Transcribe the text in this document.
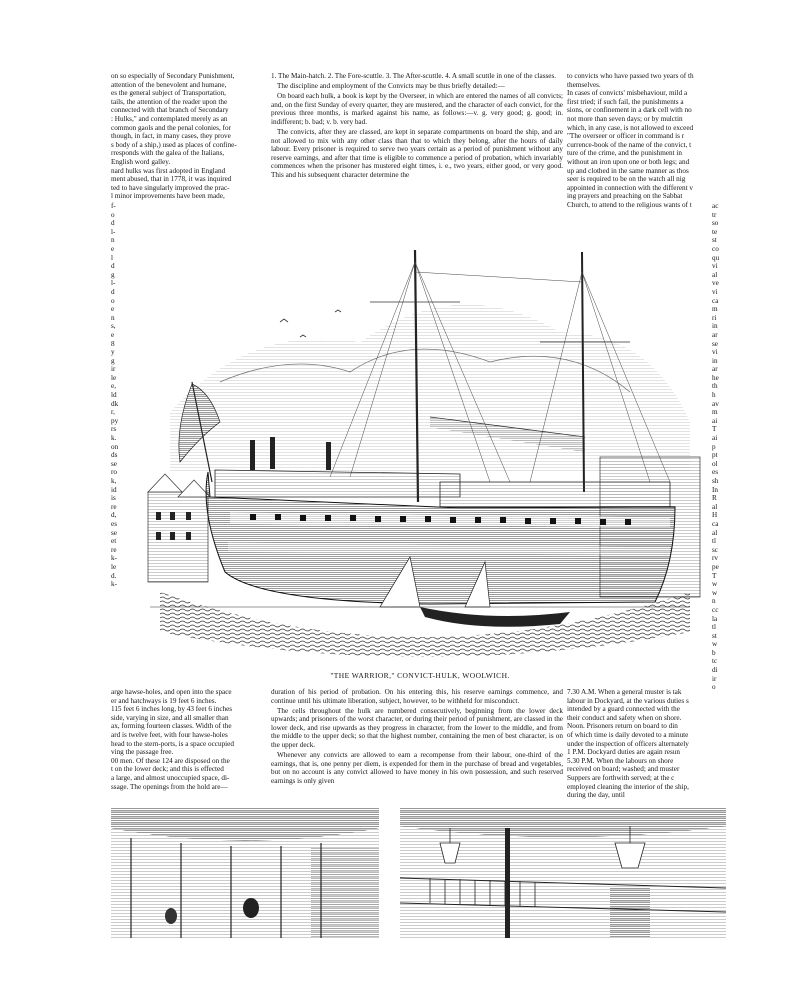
on so especially of Secondary Punishment,
attention of the benevolent and humane,
es the general subject of Transportation,
tails, the attention of the reader upon the
connected with that branch of Secondary
: Hulks," and contemplated merely as an
common gaols and the penal colonies, for
though, in fact, in many cases, they prove
s body of a ship,) used as places of confine-
rresponds with the galea of the Italians,
English word galley.
nard hulks was first adopted in England
ment abused, that in 1778, it was inquired
ted to have singularly improved the prac-
l minor improvements have been made,

1. The Main-hatch. 2. The Fore-scuttle. 3. The After-scuttle. 4. A small scuttle in one of the classes.

The discipline and employment of the Convicts may be thus briefly detailed:—

On board each hulk, a book is kept by the Overseer, in which are entered the names of all convicts; and, on the first Sunday of every quarter, they are mustered, and the character of each convict, for the previous three months, is marked against his name, as follows:—v. g. very good; g. good; in. indifferent; b. bad; v. b. very bad.

The convicts, after they are classed, are kept in separate compartments on board the ship, and are not allowed to mix with any other class than that to which they belong, after the hours of daily labour. Every prisoner is required to serve two years certain as a period of punishment without any reserve earnings, and after that time is eligible to commence a period of probation, which invariably commences when the prisoner has mustered eight times, i. e., two years, either good, or very good. This and his subsequent character determine the

to convicts who have passed two years of th
themselves.
In cases of convicts' misbehaviour, mild a
first tried; if such fail, the punishments a
sions, or confinement in a dark cell with no
not more than seven days; or by mulctin
which, in any case, is not allowed to exceed
"The overseer or officer in command is r
currence-book of the name of the convict, t
ture of the crime, and the punishment in
without an iron upon one or both legs; and
up and clothed in the same manner as thos
seer is required to be on the watch all nig
appointed in connection with the different v
ing prayers and preaching on the Sabbat
Church, to attend to the religious wants of t
f-
o
d
l-
n
e
l
d
g
l-
d
o
e
n
s,
e
8
y
g
ir
le
e,
ld
dk
r,
py
rs
k.
on
ds
se
ro
k,
id
is
re
d,
es
se
et
re
k-
le
d.
k-
ac
tr
so
te
st
co
qu
vi
al
ve
vi
ca
m
ri
in
ar
se
vi
in
ar
he
th
h
av
m
ai
T
ai
p
pt
ol
es
sh
In
R
al
H
ca
al
tl
sc
rv
pe
T
w
w
n
cc
la
tl
st
w
b
tc
di
ir
o
"THE WARRIOR," CONVICT-HULK, WOOLWICH.
arge hawse-holes, and open into the space
er and hatchways is 19 feet 6 inches.
115 feet 6 inches long, by 43 feet 6 inches
side, varying in size, and all smaller than
ax, forming fourteen classes. Width of the
ard is twelve feet, with four hawse-holes
head to the stern-ports, is a space occupied
ving the passage free.
00 men. Of these 124 are disposed on the
t on the lower deck; and this is effected
a large, and almost unoccupied space, di-
ssage. The openings from the hold are—

duration of his period of probation. On his entering this, his reserve earnings commence, and continue until his ultimate liberation, subject, however, to be withheld for misconduct.

The cells throughout the hulk are numbered consecutively, beginning from the lower deck upwards; and prisoners of the worst character, or during their period of punishment, are classed in the lower deck, and rise upwards as they progress in character, from the lower to the middle, and from the middle to the upper deck; so that the highest number, containing the men of best character, is on the upper deck.

Whenever any convicts are allowed to earn a recompense from their labour, one-third of the earnings, that is, one penny per diem, is expended for them in the purchase of bread and vegetables, but on no account is any convict allowed to have money in his own possession, and such reserved earnings is only given

7.30 A.M. When a general muster is tak
labour in Dockyard, at the various duties s
intended by a guard connected with the
their conduct and safety when on shore.
Noon. Prisoners return on board to din
of which time is daily devoted to a minute
under the inspection of officers alternately
1 P.M. Dockyard duties are again resun
5.30 P.M. When the labours on shore
received on board; washed; and muster
Suppers are forthwith served; at the c
employed cleaning the interior of the ship,
during the day, until
